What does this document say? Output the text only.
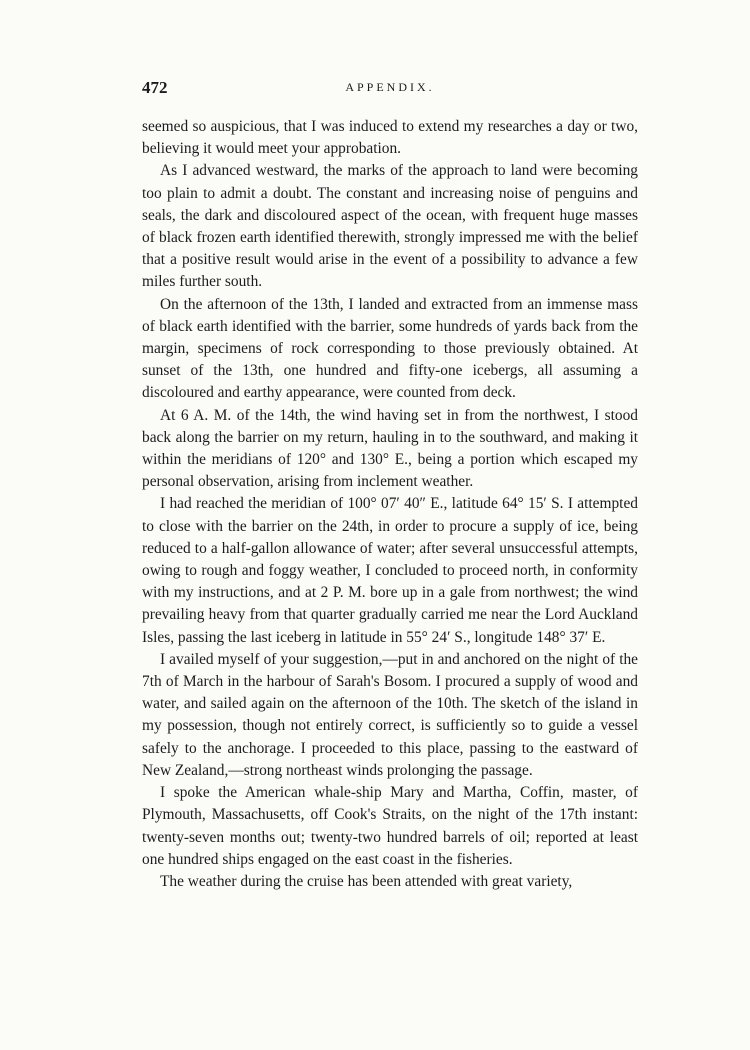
472	APPENDIX.

seemed so auspicious, that I was induced to extend my researches a day or two, believing it would meet your approbation.

As I advanced westward, the marks of the approach to land were becoming too plain to admit a doubt. The constant and increasing noise of penguins and seals, the dark and discoloured aspect of the ocean, with frequent huge masses of black frozen earth identified therewith, strongly impressed me with the belief that a positive result would arise in the event of a possibility to advance a few miles further south.

On the afternoon of the 13th, I landed and extracted from an immense mass of black earth identified with the barrier, some hundreds of yards back from the margin, specimens of rock corresponding to those previously obtained. At sunset of the 13th, one hundred and fifty-one icebergs, all assuming a discoloured and earthy appearance, were counted from deck.

At 6 A. M. of the 14th, the wind having set in from the northwest, I stood back along the barrier on my return, hauling in to the southward, and making it within the meridians of 120° and 130° E., being a portion which escaped my personal observation, arising from inclement weather.

I had reached the meridian of 100° 07′ 40″ E., latitude 64° 15′ S. I attempted to close with the barrier on the 24th, in order to procure a supply of ice, being reduced to a half-gallon allowance of water; after several unsuccessful attempts, owing to rough and foggy weather, I concluded to proceed north, in conformity with my instructions, and at 2 P. M. bore up in a gale from northwest; the wind prevailing heavy from that quarter gradually carried me near the Lord Auckland Isles, passing the last iceberg in latitude in 55° 24′ S., longitude 148° 37′ E.

I availed myself of your suggestion,—put in and anchored on the night of the 7th of March in the harbour of Sarah's Bosom. I procured a supply of wood and water, and sailed again on the afternoon of the 10th. The sketch of the island in my possession, though not entirely correct, is sufficiently so to guide a vessel safely to the anchorage. I proceeded to this place, passing to the eastward of New Zealand,—strong northeast winds prolonging the passage.

I spoke the American whale-ship Mary and Martha, Coffin, master, of Plymouth, Massachusetts, off Cook's Straits, on the night of the 17th instant: twenty-seven months out; twenty-two hundred barrels of oil; reported at least one hundred ships engaged on the east coast in the fisheries.

The weather during the cruise has been attended with great variety,
